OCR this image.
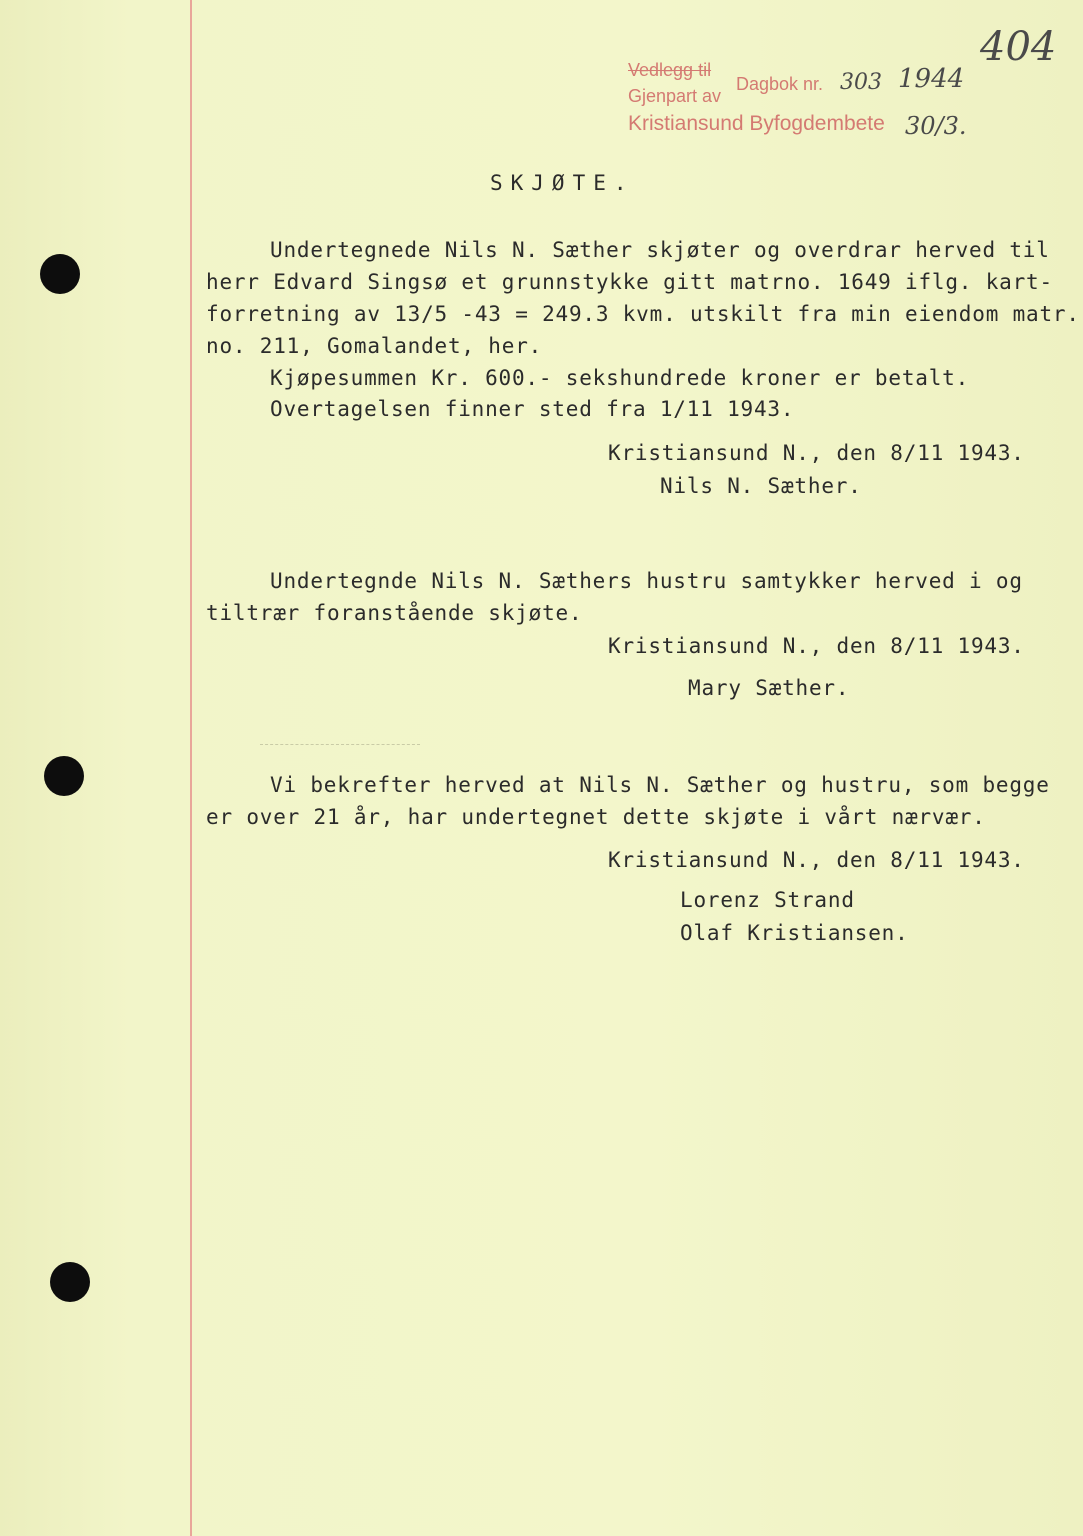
Vedlegg til
Dagbok nr.
Gjenpart av
Kristiansund Byfogdembete
303 1944
404
30/3.
SKJØTE.
Undertegnede Nils N. Sæther skjøter og overdrar herved til
herr Edvard Singsø et grunnstykke gitt matrno. 1649 iflg. kart-
forretning av 13/5 -43 = 249.3 kvm. utskilt fra min eiendom matr.
no. 211, Gomalandet, her.
Kjøpesummen Kr. 600.- sekshundrede kroner er betalt.
Overtagelsen finner sted fra 1/11 1943.
Kristiansund N., den 8/11 1943.
Nils N. Sæther.
Undertegnde Nils N. Sæthers hustru samtykker herved i og
tiltrær foranstående skjøte.
Kristiansund N., den 8/11 1943.
Mary Sæther.
Vi bekrefter herved at Nils N. Sæther og hustru, som begge
er over 21 år, har undertegnet dette skjøte i vårt nærvær.
Kristiansund N., den 8/11 1943.
Lorenz Strand
Olaf Kristiansen.
